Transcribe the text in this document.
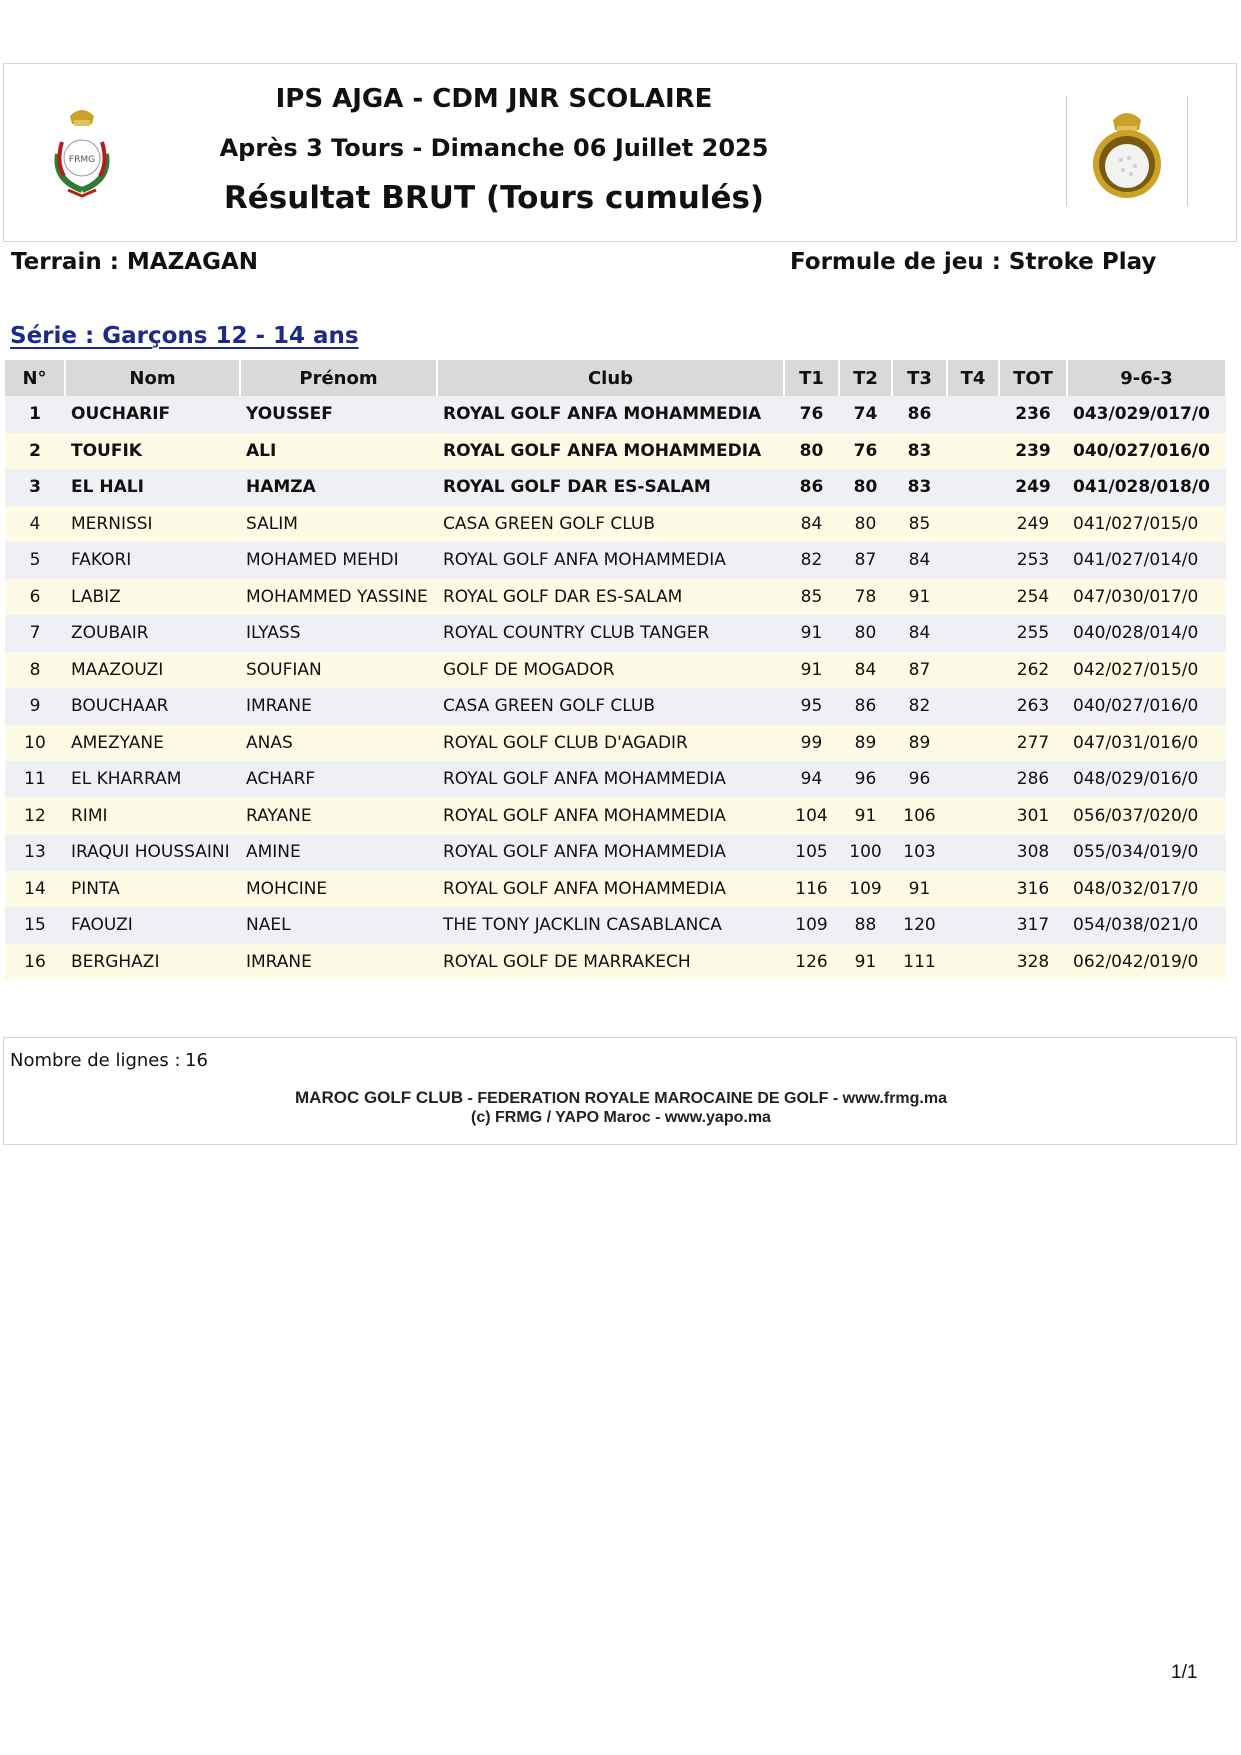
FRMG
IPS AJGA - CDM JNR SCOLAIRE
Après 3 Tours - Dimanche 06 Juillet 2025
Résultat BRUT (Tours cumulés)
Terrain : MAZAGAN	Formule de jeu : Stroke Play
Série : Garçons 12 - 14 ans
N°	Nom	Prénom	Club	T1	T2	T3	T4	TOT	9-6-3
1	OUCHARIF	YOUSSEF	ROYAL GOLF ANFA MOHAMMEDIA	76	74	86		236	043/029/017/0
2	TOUFIK	ALI	ROYAL GOLF ANFA MOHAMMEDIA	80	76	83		239	040/027/016/0
3	EL HALI	HAMZA	ROYAL GOLF DAR ES-SALAM	86	80	83		249	041/028/018/0
4	MERNISSI	SALIM	CASA GREEN GOLF CLUB	84	80	85		249	041/027/015/0
5	FAKORI	MOHAMED MEHDI	ROYAL GOLF ANFA MOHAMMEDIA	82	87	84		253	041/027/014/0
6	LABIZ	MOHAMMED YASSINE	ROYAL GOLF DAR ES-SALAM	85	78	91		254	047/030/017/0
7	ZOUBAIR	ILYASS	ROYAL COUNTRY CLUB TANGER	91	80	84		255	040/028/014/0
8	MAAZOUZI	SOUFIAN	GOLF DE MOGADOR	91	84	87		262	042/027/015/0
9	BOUCHAAR	IMRANE	CASA GREEN GOLF CLUB	95	86	82		263	040/027/016/0
10	AMEZYANE	ANAS	ROYAL GOLF CLUB D'AGADIR	99	89	89		277	047/031/016/0
11	EL KHARRAM	ACHARF	ROYAL GOLF ANFA MOHAMMEDIA	94	96	96		286	048/029/016/0
12	RIMI	RAYANE	ROYAL GOLF ANFA MOHAMMEDIA	104	91	106		301	056/037/020/0
13	IRAQUI HOUSSAINI	AMINE	ROYAL GOLF ANFA MOHAMMEDIA	105	100	103		308	055/034/019/0
14	PINTA	MOHCINE	ROYAL GOLF ANFA MOHAMMEDIA	116	109	91		316	048/032/017/0
15	FAOUZI	NAEL	THE TONY JACKLIN CASABLANCA	109	88	120		317	054/038/021/0
16	BERGHAZI	IMRANE	ROYAL GOLF DE MARRAKECH	126	91	111		328	062/042/019/0
Nombre de lignes : 16
MAROC GOLF CLUB - FEDERATION ROYALE MAROCAINE DE GOLF - www.frmg.ma
(c) FRMG / YAPO Maroc - www.yapo.ma
1/1
